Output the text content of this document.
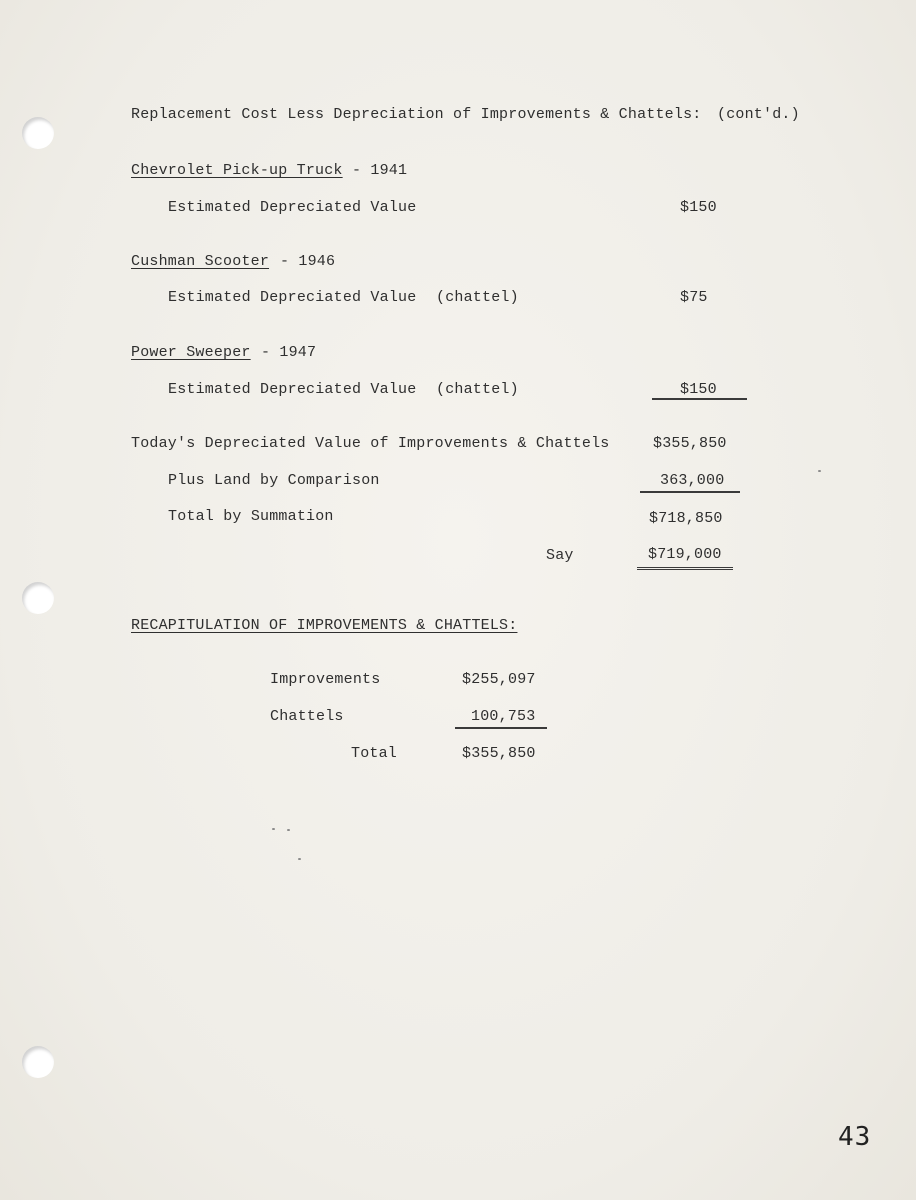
Replacement Cost Less Depreciation of Improvements & Chattels: (cont'd.)
Chevrolet Pick-up Truck - 1941
Estimated Depreciated Value	$150
Cushman Scooter - 1946
Estimated Depreciated Value (chattel)	$75
Power Sweeper - 1947
Estimated Depreciated Value (chattel)	$150
Today's Depreciated Value of Improvements & Chattels	$355,850
Plus Land by Comparison	363,000
Total by Summation	$718,850
Say	$719,000
RECAPITULATION OF IMPROVEMENTS & CHATTELS:
Improvements	$255,097
Chattels	100,753
Total	$355,850
43
